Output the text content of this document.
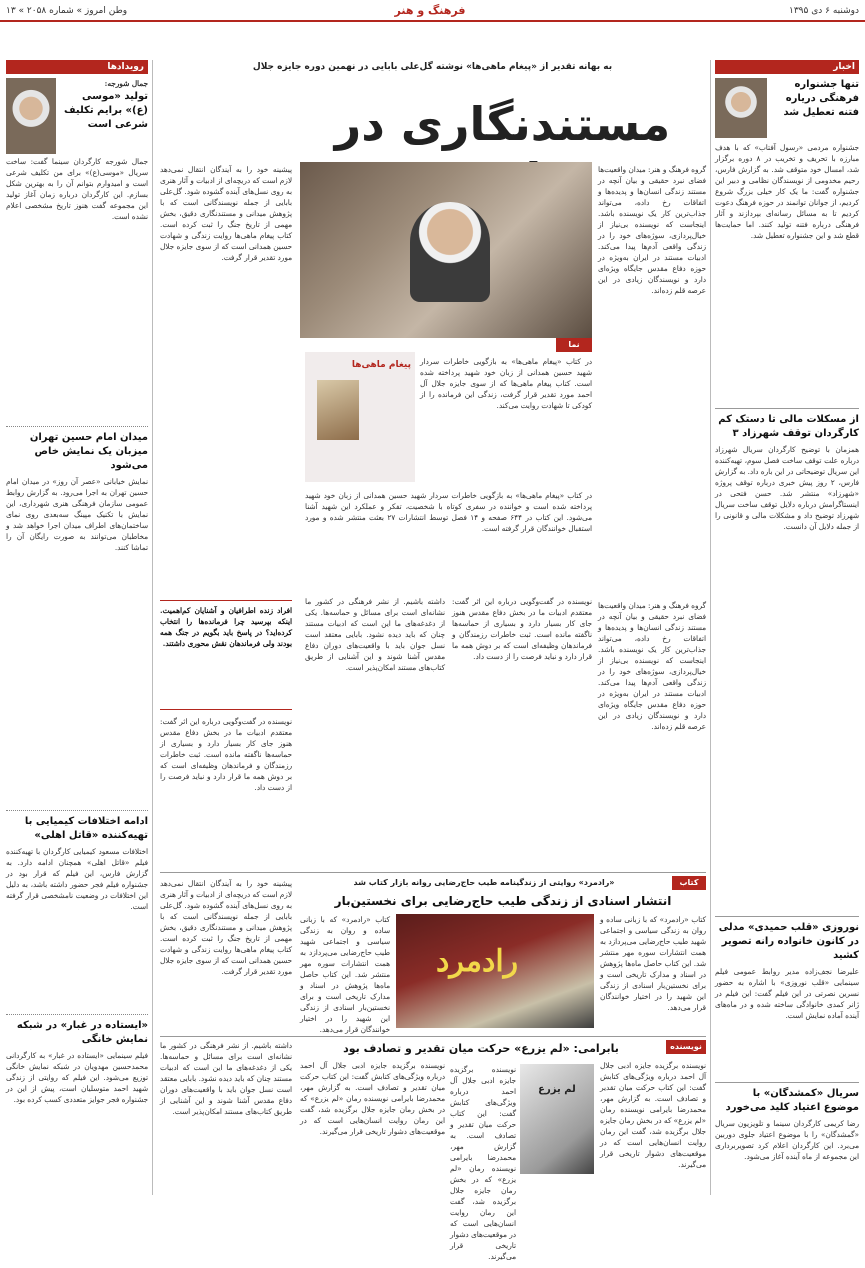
دوشنبه ۶ دی ۱۳۹۵
فرهنگ و هنر
وطن امروز » شماره ۲۰۵۸ » ۱۳
اخبار
تنها جشنواره فرهنگی دریاره فتنه تعطیل شد
جشنواره مردمی «رسول آفتاب» که با هدف مبارزه با تحریف و تخریب در ۸ دوره برگزار شد، امسال خود متوقف شد. به گزارش فارس، رحیم مخدومی از نویسندگان نظامی و دبیر این جشنواره گفت: ما یک کار خیلی بزرگ شروع کردیم، از جوانان توانمند در حوزه فرهنگ دعوت کردیم تا به مسائل رسانه‌ای بپردازند و آثار فرهنگی درباره فتنه تولید کنند. اما حمایت‌ها قطع شد و این جشنواره تعطیل شد.
از مسکلات مالی تا دستک کم کارگردان توقف شهرزاد ۳
همزمان با توضیح کارگردان سریال شهرزاد درباره علت توقف ساخت فصل سوم، تهیه‌کننده این سریال توضیحاتی در این باره داد. به گزارش فارس، ۲ روز پیش خبری درباره توقف پروژه «شهرزاد» منتشر شد. حسن فتحی در اینستاگرامش درباره دلایل توقف ساخت سریال شهرزاد توضیح داد و مشکلات مالی و قانونی را از جمله دلایل آن دانست.
نوروزی «قلب حمیدی» مدلی در کانون خانواده رانه تصویر کشید
علیرضا نجف‌زاده مدیر روابط عمومی فیلم سینمایی «قلب نوروزی» با اشاره به حضور نسرین نصرتی در این فیلم گفت: این فیلم در ژانر کمدی خانوادگی ساخته شده و در ماه‌های آینده آماده نمایش است.
سریال «کمشدگان» با موضوع اعتیاد کلید می‌خورد
رضا کریمی کارگردان سینما و تلویزیون سریال «گمشدگان» را با موضوع اعتیاد جلوی دوربین می‌برد. این کارگردان اعلام کرد تصویربرداری این مجموعه از ماه آینده آغاز می‌شود.
به بهانه تقدیر از «پیغام ماهی‌ها» نوشته گل‌علی بابایی در نهمین دوره جایزه جلال
مستندنگاری در
گروه فرهنگ و هنر: میدان واقعیت‌ها فضای نبرد حقیقی و بیان آنچه در مستند زندگی انسان‌ها و پدیده‌ها و اتفاقات رخ داده، می‌تواند جذاب‌ترین کار یک نویسنده باشد. اینجاست که نویسنده بی‌نیاز از خیال‌پردازی، سوژه‌های خود را در زندگی واقعی آدم‌ها پیدا می‌کند. ادبیات مستند در ایران به‌ویژه در حوزه دفاع مقدس جایگاه ویژه‌ای دارد و نویسندگان زیادی در این عرصه قلم زده‌اند.
پیشینه خود را به آیندگان انتقال نمی‌دهد لازم است که دریچه‌ای از ادبیات و آثار هنری به روی نسل‌های آینده گشوده شود. گل‌علی بابایی از جمله نویسندگانی است که با پژوهش میدانی و مستندنگاری دقیق، بخش مهمی از تاریخ جنگ را ثبت کرده است. کتاب پیغام ماهی‌ها روایت زندگی و شهادت حسین همدانی است که از سوی جایزه جلال مورد تقدیر قرار گرفت.
نما
پیغام ماهی‌ها در کتاب «پیغام ماهی‌ها» به بازگویی خاطرات سردار شهید حسین همدانی از زبان خود شهید پرداخته شده است. کتاب پیغام ماهی‌ها که از سوی جایزه جلال آل احمد مورد تقدیر قرار گرفت، زندگی این فرمانده را از کودکی تا شهادت روایت می‌کند.
در کتاب «پیغام ماهی‌ها» به بازگویی خاطرات سردار شهید حسین همدانی از زبان خود شهید پرداخته شده است و خواننده در سفری کوتاه با شخصیت، تفکر و عملکرد این شهید آشنا می‌شود. این کتاب در ۶۴۴ صفحه و ۱۴ فصل توسط انتشارات ۲۷ بعثت منتشر شده و مورد استقبال خوانندگان قرار گرفته است.
افراد زنده اطرافیان و آشنایان کم‌اهمیت. اینکه بپرسید چرا فرمانده‌ها را انتخاب کرده‌اید؟ در پاسخ باید بگویم در جنگ همه بودند ولی فرماندهان نقش محوری داشتند.
نویسنده در گفت‌وگویی درباره این اثر گفت: معتقدم ادبیات ما در بخش دفاع مقدس هنوز جای کار بسیار دارد و بسیاری از حماسه‌ها ناگفته مانده است. ثبت خاطرات رزمندگان و فرماندهان وظیفه‌ای است که بر دوش همه ما قرار دارد و نباید فرصت را از دست داد.
داشته باشیم. از نشر فرهنگی در کشور ما نشانه‌ای است برای مسائل و حماسه‌ها. یکی از دغدغه‌های ما این است که ادبیات مستند چنان که باید دیده نشود. بابایی معتقد است نسل جوان باید با واقعیت‌های دوران دفاع مقدس آشنا شوند و این آشنایی از طریق کتاب‌های مستند امکان‌پذیر است.
نویسنده در گفت‌وگویی درباره این اثر گفت: معتقدم ادبیات ما در بخش دفاع مقدس هنوز جای کار بسیار دارد و بسیاری از حماسه‌ها ناگفته مانده است. ثبت خاطرات رزمندگان و فرماندهان وظیفه‌ای است که بر دوش همه ما قرار دارد و نباید فرصت را از دست داد.
گروه فرهنگ و هنر: میدان واقعیت‌ها فضای نبرد حقیقی و بیان آنچه در مستند زندگی انسان‌ها و پدیده‌ها و اتفاقات رخ داده، می‌تواند جذاب‌ترین کار یک نویسنده باشد. اینجاست که نویسنده بی‌نیاز از خیال‌پردازی، سوژه‌های خود را در زندگی واقعی آدم‌ها پیدا می‌کند. ادبیات مستند در ایران به‌ویژه در حوزه دفاع مقدس جایگاه ویژه‌ای دارد و نویسندگان زیادی در این عرصه قلم زده‌اند.
کتاب
«رادمرد» روایتی از زندگینامه طیب حاج‌رضایی روانه بازار کتاب شد
انتشار اسنادی از زندگی طیب حاج‌رضایی برای نخستین‌بار
پیشینه خود را به آیندگان انتقال نمی‌دهد لازم است که دریچه‌ای از ادبیات و آثار هنری به روی نسل‌های آینده گشوده شود. گل‌علی بابایی از جمله نویسندگانی است که با پژوهش میدانی و مستندنگاری دقیق، بخش مهمی از تاریخ جنگ را ثبت کرده است. کتاب پیغام ماهی‌ها روایت زندگی و شهادت حسین همدانی است که از سوی جایزه جلال مورد تقدیر قرار گرفت.
کتاب «رادمرد» که با زبانی ساده و روان به زندگی سیاسی و اجتماعی شهید طیب حاج‌رضایی می‌پردازد به همت انتشارات سوره مهر منتشر شد. این کتاب حاصل ماه‌ها پژوهش در اسناد و مدارک تاریخی است و برای نخستین‌بار اسنادی از زندگی این شهید را در اختیار خوانندگان قرار می‌دهد.
کتاب «رادمرد» که با زبانی ساده و روان به زندگی سیاسی و اجتماعی شهید طیب حاج‌رضایی می‌پردازد به همت انتشارات سوره مهر منتشر شد. این کتاب حاصل ماه‌ها پژوهش در اسناد و مدارک تاریخی است و برای نخستین‌بار اسنادی از زندگی این شهید را در اختیار خوانندگان قرار می‌دهد.
رادمرد
نویسنده
بابرامی: «لم یزرع» حرکت میان تقدیر و تصادف بود
داشته باشیم. از نشر فرهنگی در کشور ما نشانه‌ای است برای مسائل و حماسه‌ها. یکی از دغدغه‌های ما این است که ادبیات مستند چنان که باید دیده نشود. بابایی معتقد است نسل جوان باید با واقعیت‌های دوران دفاع مقدس آشنا شوند و این آشنایی از طریق کتاب‌های مستند امکان‌پذیر است.
نویسنده برگزیده جایزه ادبی جلال آل احمد درباره ویژگی‌های کتابش گفت: این کتاب حرکت میان تقدیر و تصادف است. به گزارش مهر، محمدرضا بایرامی نویسنده رمان «لم یزرع» که در بخش رمان جایزه جلال برگزیده شد، گفت این رمان روایت انسان‌هایی است که در موقعیت‌های دشوار تاریخی قرار می‌گیرند.
نویسنده برگزیده جایزه ادبی جلال آل احمد درباره ویژگی‌های کتابش گفت: این کتاب حرکت میان تقدیر و تصادف است. به گزارش مهر، محمدرضا بایرامی نویسنده رمان «لم یزرع» که در بخش رمان جایزه جلال برگزیده شد، گفت این رمان روایت انسان‌هایی است که در موقعیت‌های دشوار تاریخی قرار می‌گیرند.
لم یزرع
نویسنده برگزیده جایزه ادبی جلال آل احمد درباره ویژگی‌های کتابش گفت: این کتاب حرکت میان تقدیر و تصادف است. به گزارش مهر، محمدرضا بایرامی نویسنده رمان «لم یزرع» که در بخش رمان جایزه جلال برگزیده شد، گفت این رمان روایت انسان‌هایی است که در موقعیت‌های دشوار تاریخی قرار می‌گیرند.
رویدادها
جمال شورجه:
تولید «موسی (ع)» برایم تکلیف شرعی است
جمال شورجه کارگردان سینما گفت: ساخت سریال «موسی(ع)» برای من تکلیف شرعی است و امیدوارم بتوانم آن را به بهترین شکل بسازم. این کارگردان درباره زمان آغاز تولید این مجموعه گفت هنوز تاریخ مشخصی اعلام نشده است.
میدان امام حسین تهران میزبان یک نمایش خاص می‌شود
نمایش خیابانی «عصر آن روز» در میدان امام حسین تهران به اجرا می‌رود. به گزارش روابط عمومی سازمان فرهنگی هنری شهرداری، این نمایش با تکنیک مپینگ سه‌بعدی روی نمای ساختمان‌های اطراف میدان اجرا خواهد شد و مخاطبان می‌توانند به صورت رایگان آن را تماشا کنند.
ادامه اختلافات کیمیایی با تهیه‌کننده «قاتل اهلی»
اختلافات مسعود کیمیایی کارگردان با تهیه‌کننده فیلم «قاتل اهلی» همچنان ادامه دارد. به گزارش فارس، این فیلم که قرار بود در جشنواره فیلم فجر حضور داشته باشد، به دلیل این اختلافات در وضعیت نامشخصی قرار گرفته است.
«ایستاده در غبار» در شبکه نمایش خانگی
فیلم سینمایی «ایستاده در غبار» به کارگردانی محمدحسین مهدویان در شبکه نمایش خانگی توزیع می‌شود. این فیلم که روایتی از زندگی شهید احمد متوسلیان است، پیش از این در جشنواره فجر جوایز متعددی کسب کرده بود.
